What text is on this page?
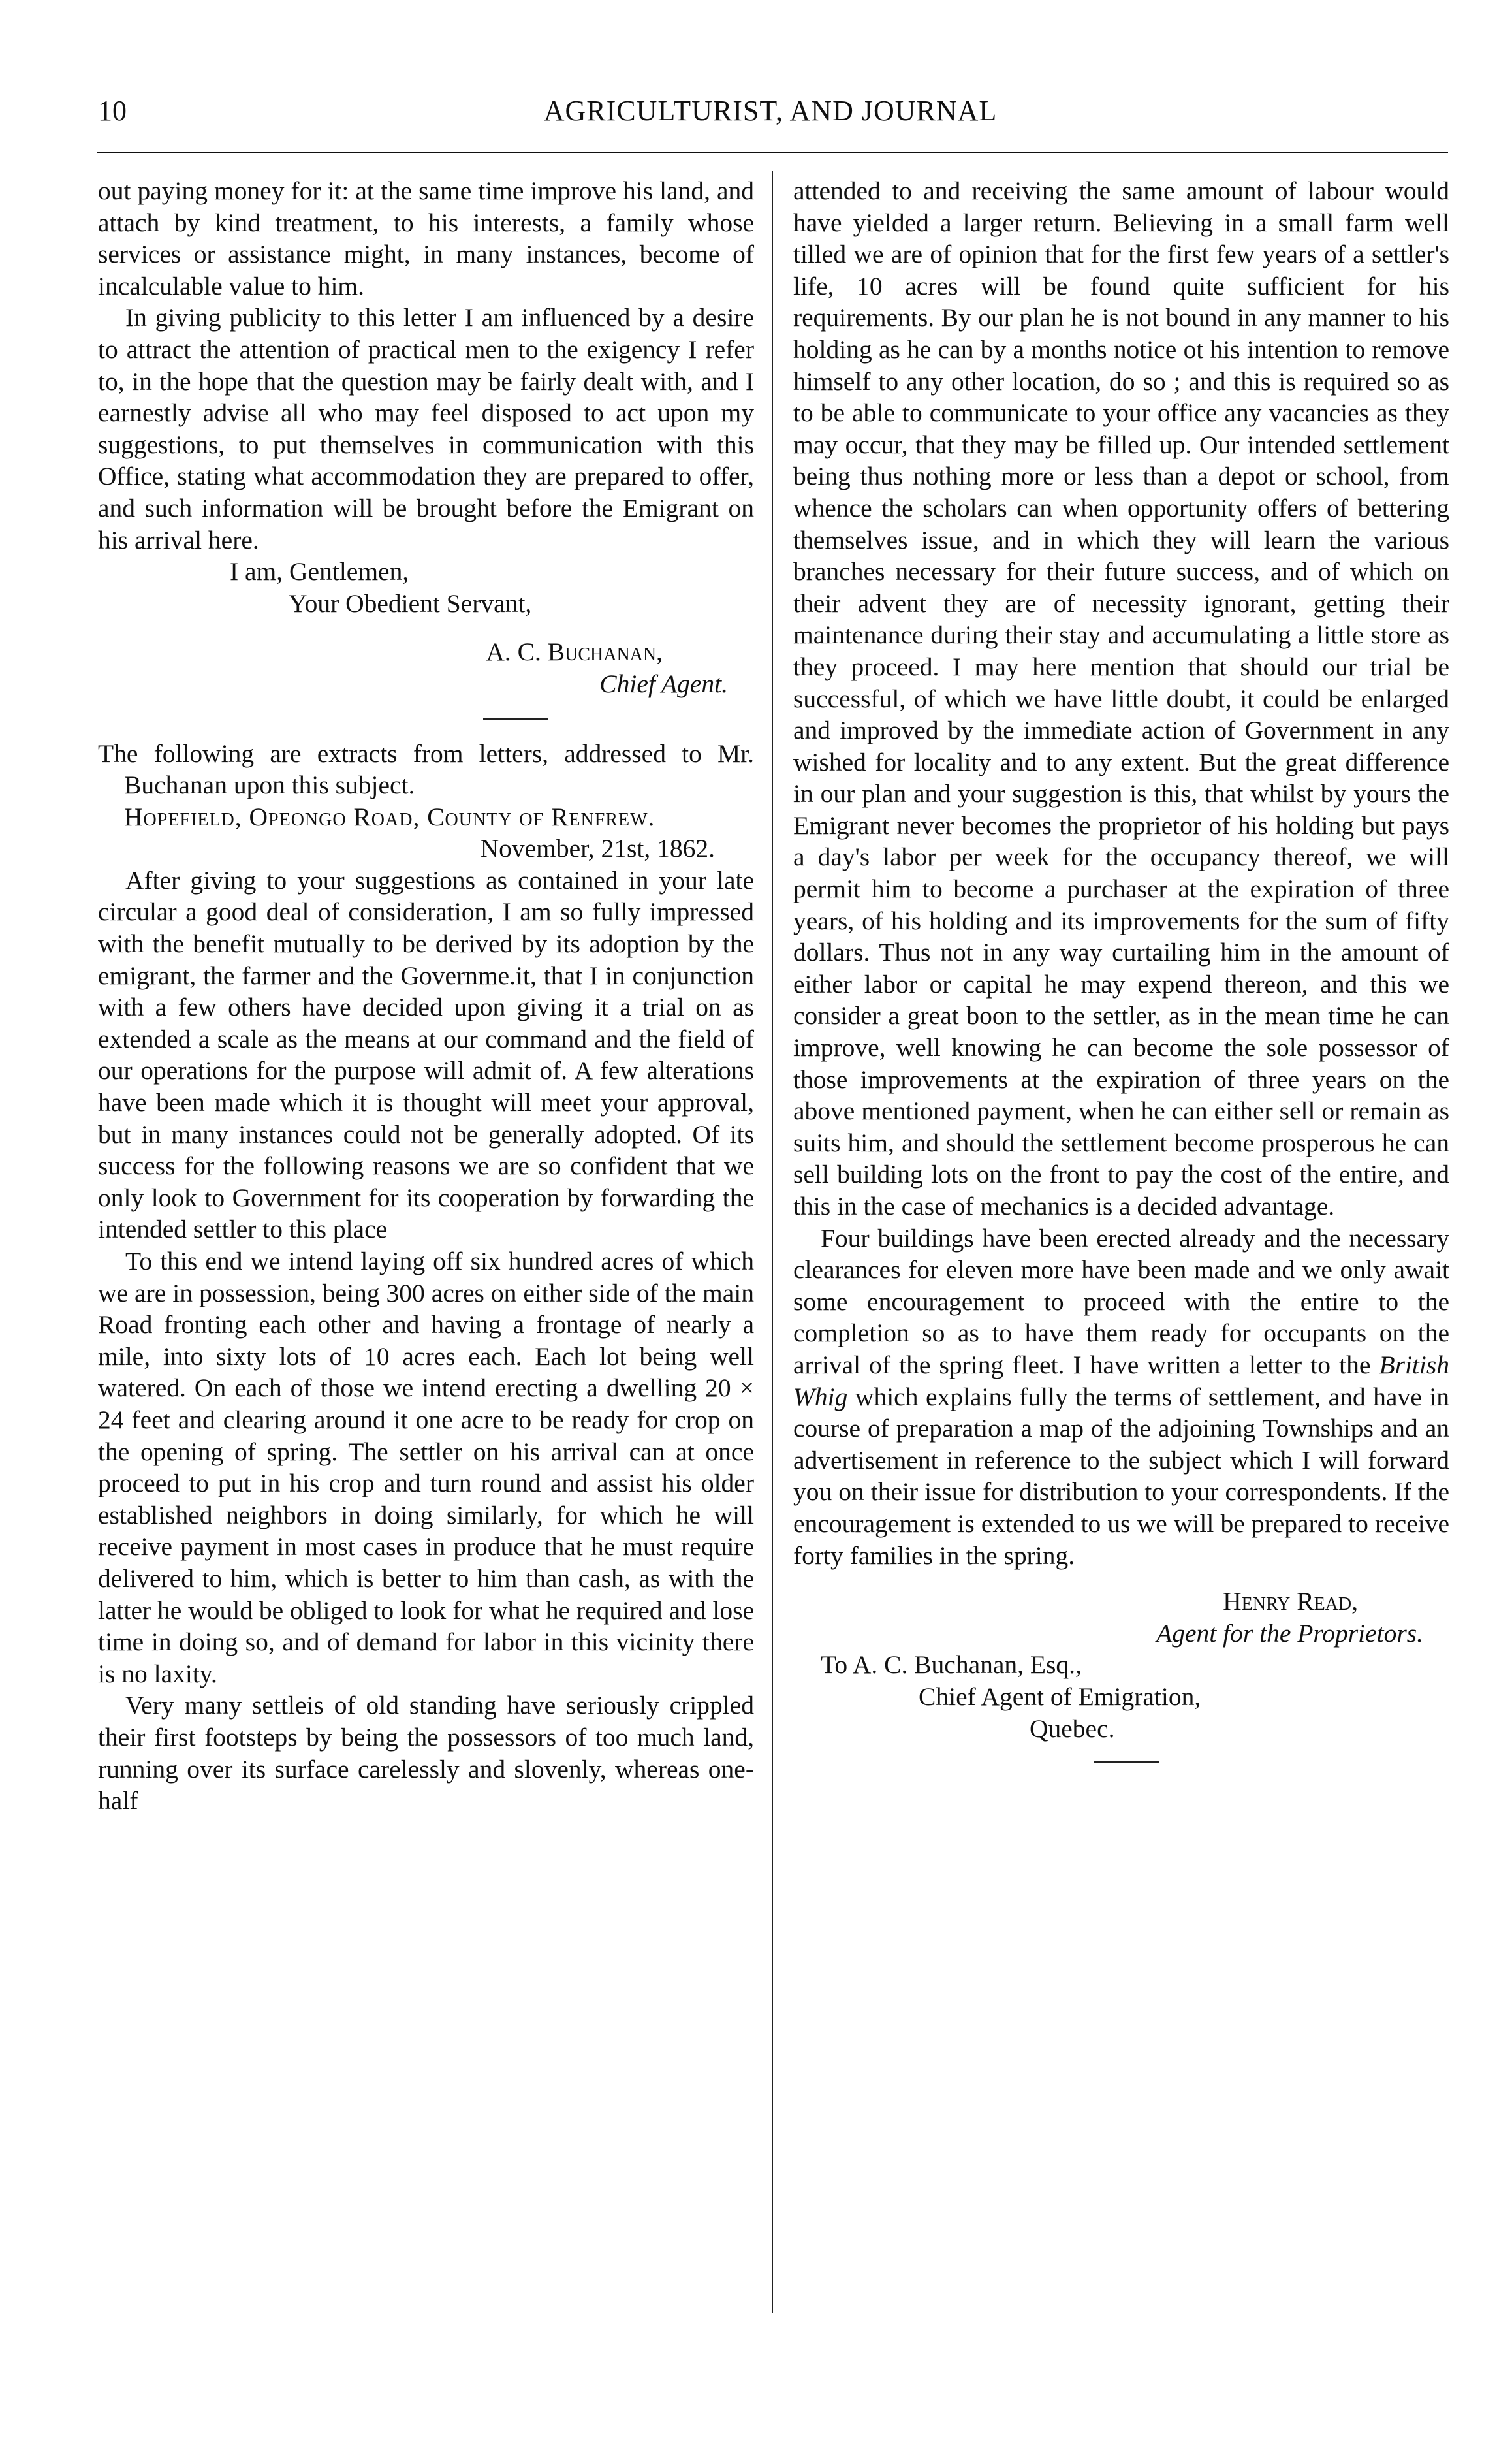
10	AGRICULTURIST, AND JOURNAL

out paying money for it: at the same time improve his land, and attach by kind treatment, to his interests, a family whose services or assistance might, in many instances, become of incalculable value to him.

In giving publicity to this letter I am influenced by a desire to attract the attention of practical men to the exigency I refer to, in the hope that the question may be fairly dealt with, and I earnestly advise all who may feel disposed to act upon my suggestions, to put themselves in communication with this Office, stating what accommodation they are prepared to offer, and such information will be brought before the Emigrant on his arrival here.

I am, Gentlemen,

Your Obedient Servant,

A. C. Buchanan,

Chief Agent.

The following are extracts from letters, addressed to Mr. Buchanan upon this subject.

Hopefield, Opeongo Road, County of Renfrew.

November, 21st, 1862.

After giving to your suggestions as contained in your late circular a good deal of consideration, I am so fully impressed with the benefit mutually to be derived by its adoption by the emigrant, the farmer and the Governme.it, that I in conjunction with a few others have decided upon giving it a trial on as extended a scale as the means at our command and the field of our operations for the purpose will admit of. A few alterations have been made which it is thought will meet your approval, but in many instances could not be generally adopted. Of its success for the following reasons we are so confident that we only look to Government for its cooperation by forwarding the intended settler to this place

To this end we intend laying off six hundred acres of which we are in possession, being 300 acres on either side of the main Road fronting each other and having a frontage of nearly a mile, into sixty lots of 10 acres each. Each lot being well watered. On each of those we intend erecting a dwelling 20 × 24 feet and clearing around it one acre to be ready for crop on the opening of spring. The settler on his arrival can at once proceed to put in his crop and turn round and assist his older established neighbors in doing similarly, for which he will receive payment in most cases in produce that he must require delivered to him, which is better to him than cash, as with the latter he would be obliged to look for what he required and lose time in doing so, and of demand for labor in this vicinity there is no laxity.

Very many settleis of old standing have seriously crippled their first footsteps by being the possessors of too much land, running over its surface carelessly and slovenly, whereas one-half

attended to and receiving the same amount of labour would have yielded a larger return. Believing in a small farm well tilled we are of opinion that for the first few years of a settler's life, 10 acres will be found quite sufficient for his requirements. By our plan he is not bound in any manner to his holding as he can by a months notice ot his intention to remove himself to any other location, do so ; and this is required so as to be able to communicate to your office any vacancies as they may occur, that they may be filled up. Our intended settlement being thus nothing more or less than a depot or school, from whence the scholars can when opportunity offers of bettering themselves issue, and in which they will learn the various branches necessary for their future success, and of which on their advent they are of necessity ignorant, getting their maintenance during their stay and accumulating a little store as they proceed. I may here mention that should our trial be successful, of which we have little doubt, it could be enlarged and improved by the immediate action of Government in any wished for locality and to any extent. But the great difference in our plan and your suggestion is this, that whilst by yours the Emigrant never becomes the proprietor of his holding but pays a day's labor per week for the occupancy thereof, we will permit him to become a purchaser at the expiration of three years, of his holding and its improvements for the sum of fifty dollars. Thus not in any way curtailing him in the amount of either labor or capital he may expend thereon, and this we consider a great boon to the settler, as in the mean time he can improve, well knowing he can become the sole possessor of those improvements at the expiration of three years on the above mentioned payment, when he can either sell or remain as suits him, and should the settlement become prosperous he can sell building lots on the front to pay the cost of the entire, and this in the case of mechanics is a decided advantage.

Four buildings have been erected already and the necessary clearances for eleven more have been made and we only await some encouragement to proceed with the entire to the completion so as to have them ready for occupants on the arrival of the spring fleet. I have written a letter to the British Whig which explains fully the terms of settlement, and have in course of preparation a map of the adjoining Townships and an advertisement in reference to the subject which I will forward you on their issue for distribution to your correspondents. If the encouragement is extended to us we will be prepared to receive forty families in the spring.

Henry Read,

Agent for the Proprietors.

To A. C. Buchanan, Esq.,

Chief Agent of Emigration,

Quebec.
